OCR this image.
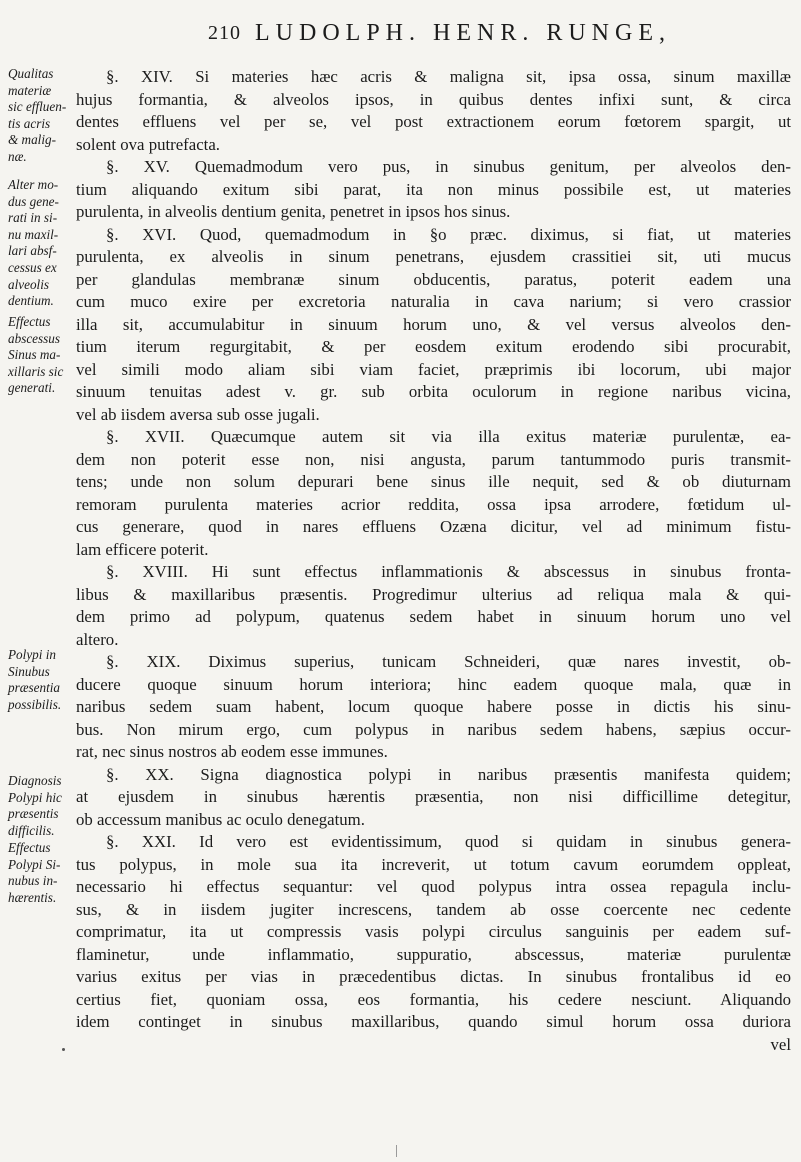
210 LUDOLPH. HENR. RUNGE,
Qualitas
materiæ
sic effluen-
tis acris
& malig-
næ.
Alter mo-
dus gene-
rati in si-
nu maxil-
lari absf-
cessus ex
alveolis
dentium.
Effectus
abscessus
Sinus ma-
xillaris sic
generati.
Polypi in
Sinubus
præsentia
possibilis.
Diagnosis
Polypi hic
præsentis
difficilis.
Effectus
Polypi Si-
nubus in-
hærentis.
§. XIV. Si materies hæc acris & maligna sit, ipsa ossa, sinum maxillæ
hujus formantia, & alveolos ipsos, in quibus dentes infixi sunt, & circa
dentes effluens vel per se, vel post extractionem eorum fœtorem spargit, ut
solent ova putrefacta.
§. XV. Quemadmodum vero pus, in sinubus genitum, per alveolos den-
tium aliquando exitum sibi parat, ita non minus possibile est, ut materies
purulenta, in alveolis dentium genita, penetret in ipsos hos sinus.
§. XVI. Quod, quemadmodum in §o præc. diximus, si fiat, ut materies
purulenta, ex alveolis in sinum penetrans, ejusdem crassitiei sit, uti mucus
per glandulas membranæ sinum obducentis, paratus, poterit eadem una
cum muco exire per excretoria naturalia in cava narium; si vero crassior
illa sit, accumulabitur in sinuum horum uno, & vel versus alveolos den-
tium iterum regurgitabit, & per eosdem exitum erodendo sibi procurabit,
vel simili modo aliam sibi viam faciet, præprimis ibi locorum, ubi major
sinuum tenuitas adest v. gr. sub orbita oculorum in regione naribus vicina,
vel ab iisdem aversa sub osse jugali.
§. XVII. Quæcumque autem sit via illa exitus materiæ purulentæ, ea-
dem non poterit esse non, nisi angusta, parum tantummodo puris transmit-
tens; unde non solum depurari bene sinus ille nequit, sed & ob diuturnam
remoram purulenta materies acrior reddita, ossa ipsa arrodere, fœtidum ul-
cus generare, quod in nares effluens Ozæna dicitur, vel ad minimum fistu-
lam efficere poterit.
§. XVIII. Hi sunt effectus inflammationis & abscessus in sinubus fronta-
libus & maxillaribus præsentis. Progredimur ulterius ad reliqua mala & qui-
dem primo ad polypum, quatenus sedem habet in sinuum horum uno vel
altero.
§. XIX. Diximus superius, tunicam Schneideri, quæ nares investit, ob-
ducere quoque sinuum horum interiora; hinc eadem quoque mala, quæ in
naribus sedem suam habent, locum quoque habere posse in dictis his sinu-
bus. Non mirum ergo, cum polypus in naribus sedem habens, sæpius occur-
rat, nec sinus nostros ab eodem esse immunes.
§. XX. Signa diagnostica polypi in naribus præsentis manifesta quidem;
at ejusdem in sinubus hærentis præsentia, non nisi difficillime detegitur,
ob accessum manibus ac oculo denegatum.
§. XXI. Id vero est evidentissimum, quod si quidam in sinubus genera-
tus polypus, in mole sua ita increverit, ut totum cavum eorumdem oppleat,
necessario hi effectus sequantur: vel quod polypus intra ossea repagula inclu-
sus, & in iisdem jugiter increscens, tandem ab osse coercente nec cedente
comprimatur, ita ut compressis vasis polypi circulus sanguinis per eadem suf-
flaminetur, unde inflammatio, suppuratio, abscessus, materiæ purulentæ
varius exitus per vias in præcedentibus dictas. In sinubus frontalibus id eo
certius fiet, quoniam ossa, eos formantia, his cedere nesciunt. Aliquando
idem continget in sinubus maxillaribus, quando simul horum ossa duriora
vel
